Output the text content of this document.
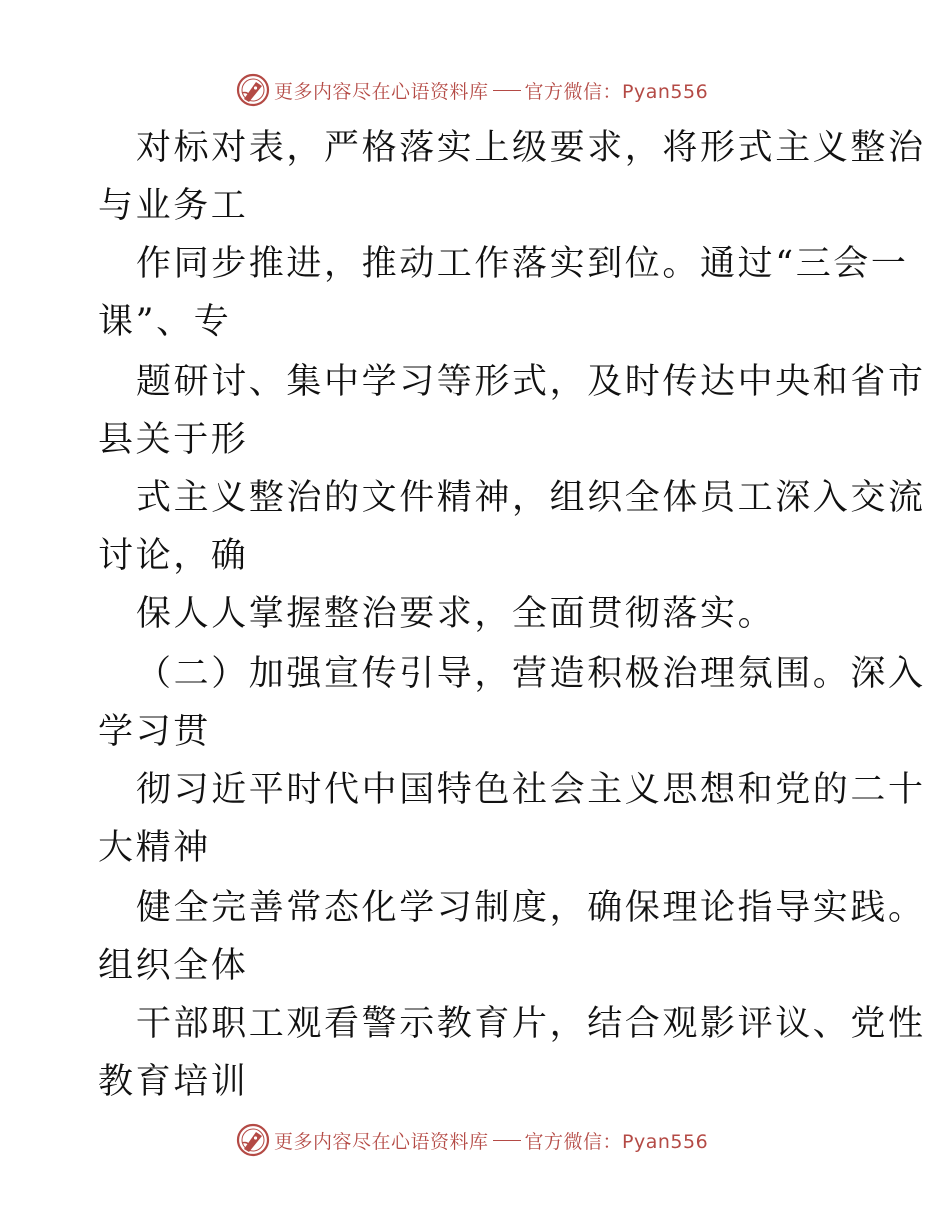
更多内容尽在心语资料库 官方微信：Pyan556
对标对表，严格落实上级要求，将形式主义整治
与业务工
作同步推进，推动工作落实到位。通过“三会一
课”、专
题研讨、集中学习等形式，及时传达中央和省市
县关于形
式主义整治的文件精神，组织全体员工深入交流
讨论，确
保人人掌握整治要求，全面贯彻落实。
（二）加强宣传引导，营造积极治理氛围。深入
学习贯
彻习近平时代中国特色社会主义思想和党的二十
大精神
健全完善常态化学习制度，确保理论指导实践。
组织全体
干部职工观看警示教育片，结合观影评议、党性
教育培训
更多内容尽在心语资料库 官方微信：Pyan556
